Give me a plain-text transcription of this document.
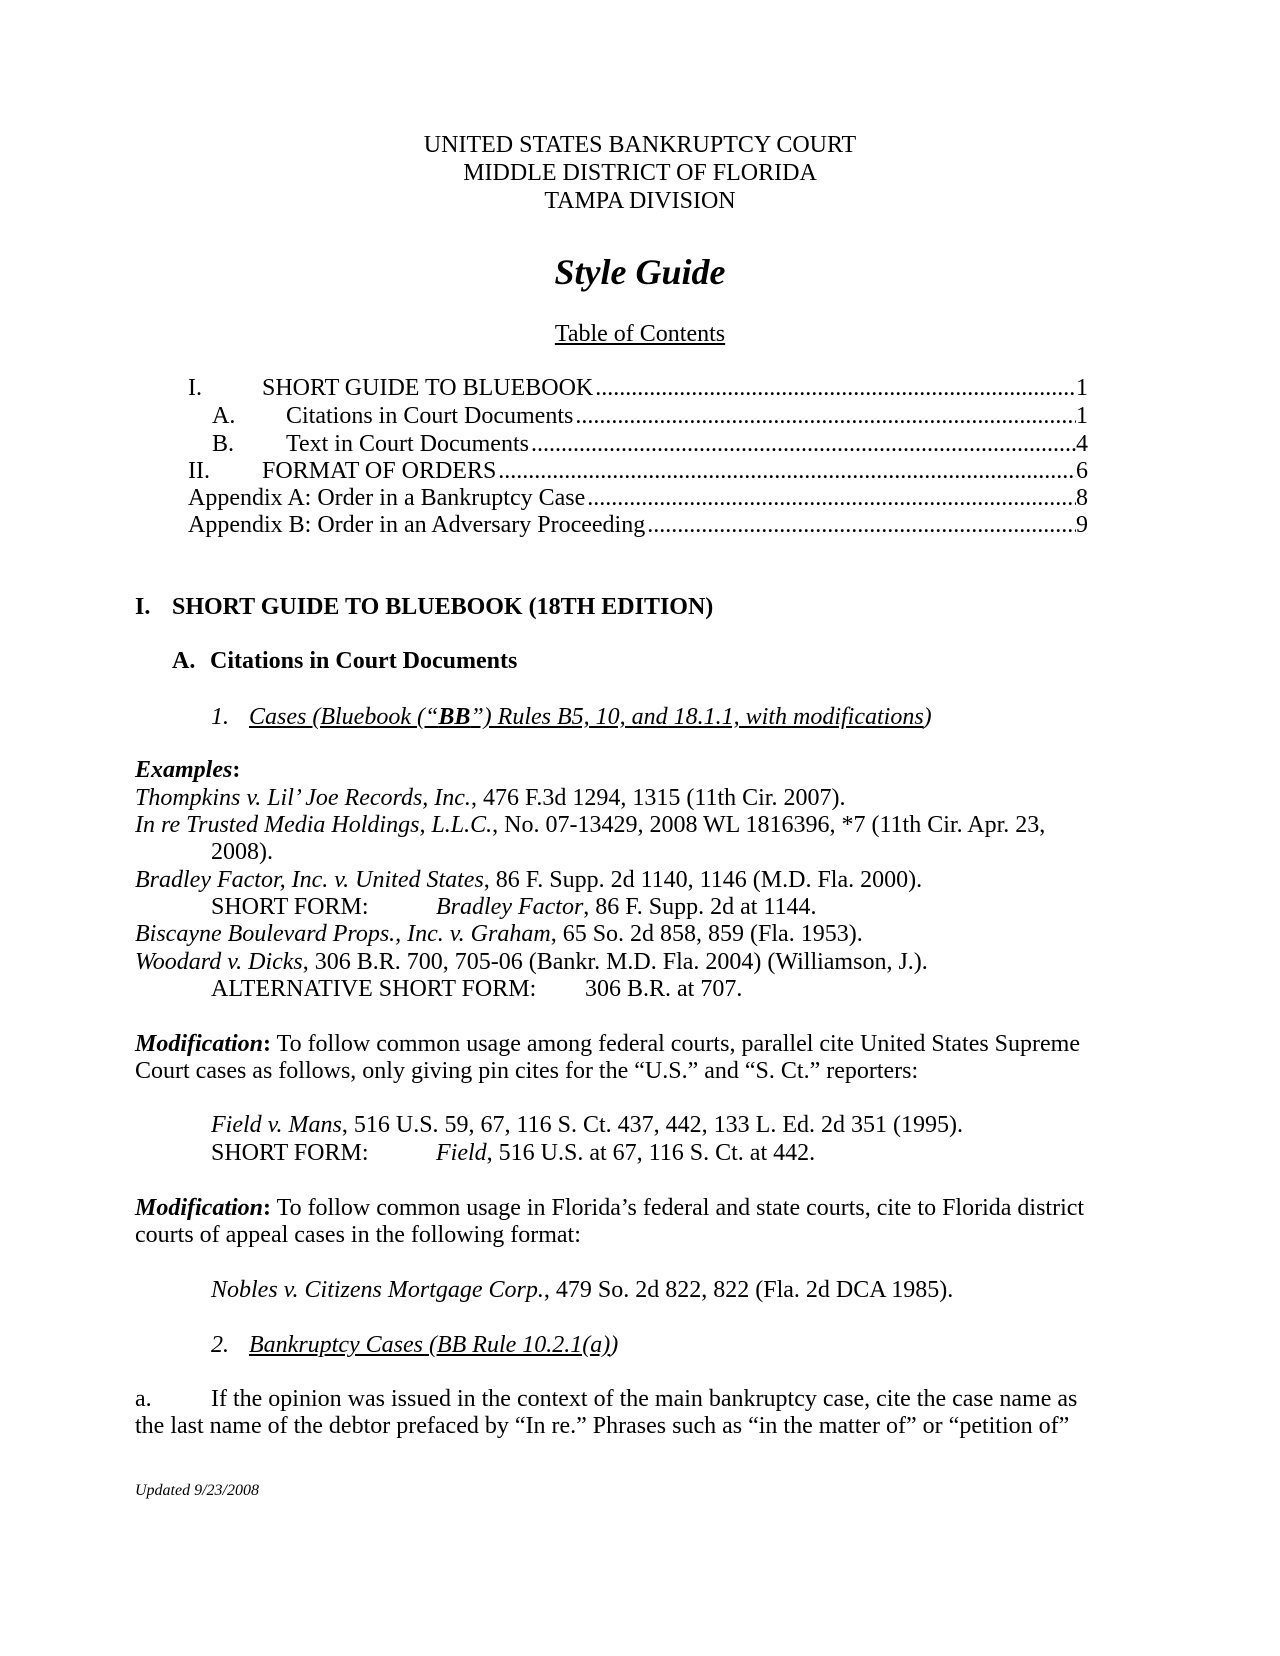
UNITED STATES BANKRUPTCY COURT
MIDDLE DISTRICT OF FLORIDA
TAMPA DIVISION
Style Guide
Table of Contents
I.	SHORT GUIDE TO BLUEBOOK . . .	1
A.	Citations in Court Documents . . .	1
B.	Text in Court Documents . . .	4
II.	FORMAT OF ORDERS . . .	6
Appendix A: Order in a Bankruptcy Case . . .	8
Appendix B: Order in an Adversary Proceeding . . .	9
I. SHORT GUIDE TO BLUEBOOK (18TH EDITION)
A. Citations in Court Documents
1. Cases (Bluebook (“BB”) Rules B5, 10, and 18.1.1, with modifications)
Examples:
Thompkins v. Lil’ Joe Records, Inc., 476 F.3d 1294, 1315 (11th Cir. 2007).
In re Trusted Media Holdings, L.L.C., No. 07-13429, 2008 WL 1816396, *7 (11th Cir. Apr. 23,
2008).
Bradley Factor, Inc. v. United States, 86 F. Supp. 2d 1140, 1146 (M.D. Fla. 2000).
SHORT FORM:	Bradley Factor, 86 F. Supp. 2d at 1144.
Biscayne Boulevard Props., Inc. v. Graham, 65 So. 2d 858, 859 (Fla. 1953).
Woodard v. Dicks, 306 B.R. 700, 705-06 (Bankr. M.D. Fla. 2004) (Williamson, J.).
ALTERNATIVE SHORT FORM: 306 B.R. at 707.
Modification: To follow common usage among federal courts, parallel cite United States Supreme
Court cases as follows, only giving pin cites for the “U.S.” and “S. Ct.” reporters:
Field v. Mans, 516 U.S. 59, 67, 116 S. Ct. 437, 442, 133 L. Ed. 2d 351 (1995).
SHORT FORM:	Field, 516 U.S. at 67, 116 S. Ct. at 442.
Modification: To follow common usage in Florida’s federal and state courts, cite to Florida district
courts of appeal cases in the following format:
Nobles v. Citizens Mortgage Corp., 479 So. 2d 822, 822 (Fla. 2d DCA 1985).
2. Bankruptcy Cases (BB Rule 10.2.1(a))
a. If the opinion was issued in the context of the main bankruptcy case, cite the case name as
the last name of the debtor prefaced by “In re.” Phrases such as “in the matter of” or “petition of”
Updated 9/23/2008
